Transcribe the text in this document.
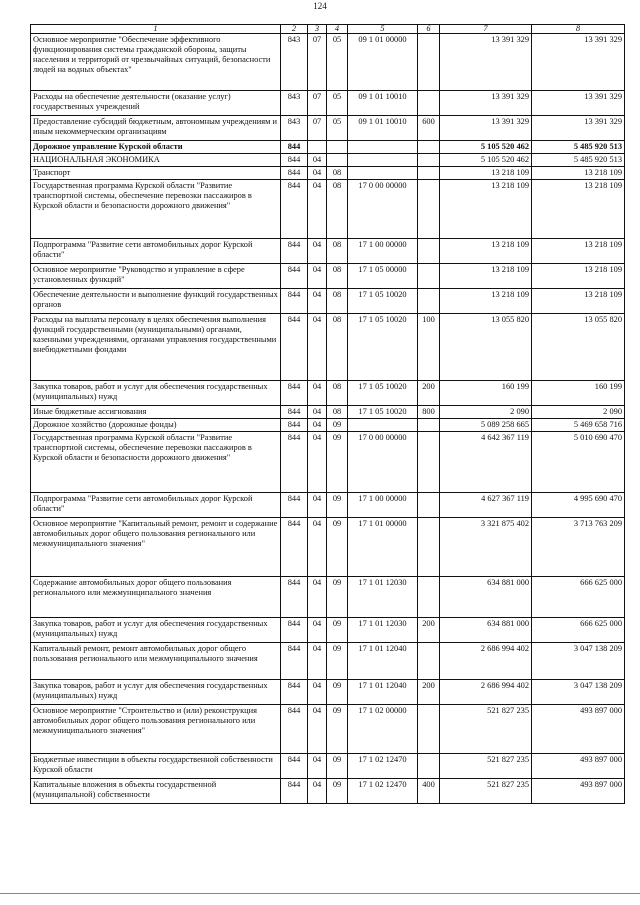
124
1	2	3	4	5	6	7	8
Основное мероприятие "Обеспечение эффективного функционирования системы гражданской обороны, защиты населения и территорий от чрезвычайных ситуаций, безопасности людей на водных объектах"	843	07	05	09 1 01 00000		13 391 329	13 391 329
Расходы на обеспечение деятельности (оказание услуг) государственных учреждений	843	07	05	09 1 01 10010		13 391 329	13 391 329
Предоставление субсидий бюджетным, автономным учреждениям и иным некоммерческим организациям	843	07	05	09 1 01 10010	600	13 391 329	13 391 329
Дорожное управление Курской области	844					5 105 520 462	5 485 920 513
НАЦИОНАЛЬНАЯ ЭКОНОМИКА	844	04				5 105 520 462	5 485 920 513
Транспорт	844	04	08			13 218 109	13 218 109
Государственная программа Курской области "Развитие транспортной системы, обеспечение перевозки пассажиров в Курской области и безопасности дорожного движения"	844	04	08	17 0 00 00000		13 218 109	13 218 109
Подпрограмма "Развитие сети автомобильных дорог Курской области"	844	04	08	17 1 00 00000		13 218 109	13 218 109
Основное мероприятие "Руководство и управление в сфере установленных функций"	844	04	08	17 1 05 00000		13 218 109	13 218 109
Обеспечение деятельности и выполнение функций государственных органов	844	04	08	17 1 05 10020		13 218 109	13 218 109
Расходы на выплаты персоналу в целях обеспечения выполнения функций государственными (муниципальными) органами, казенными учреждениями, органами управления государственными внебюджетными фондами	844	04	08	17 1 05 10020	100	13 055 820	13 055 820
Закупка товаров, работ и услуг для обеспечения государственных (муниципальных) нужд	844	04	08	17 1 05 10020	200	160 199	160 199
Иные бюджетные ассигнования	844	04	08	17 1 05 10020	800	2 090	2 090
Дорожное хозяйство (дорожные фонды)	844	04	09			5 089 258 665	5 469 658 716
Государственная программа Курской области "Развитие транспортной системы, обеспечение перевозки пассажиров в Курской области и безопасности дорожного движения"	844	04	09	17 0 00 00000		4 642 367 119	5 010 690 470
Подпрограмма "Развитие сети автомобильных дорог Курской области"	844	04	09	17 1 00 00000		4 627 367 119	4 995 690 470
Основное мероприятие "Капитальный ремонт, ремонт и содержание автомобильных дорог общего пользования регионального или межмуниципального значения"	844	04	09	17 1 01 00000		3 321 875 402	3 713 763 209
Содержание автомобильных дорог общего пользования регионального или межмуниципального значения	844	04	09	17 1 01 12030		634 881 000	666 625 000
Закупка товаров, работ и услуг для обеспечения государственных (муниципальных) нужд	844	04	09	17 1 01 12030	200	634 881 000	666 625 000
Капитальный ремонт, ремонт автомобильных дорог общего пользования регионального или межмуниципального значения	844	04	09	17 1 01 12040		2 686 994 402	3 047 138 209
Закупка товаров, работ и услуг для обеспечения государственных (муниципальных) нужд	844	04	09	17 1 01 12040	200	2 686 994 402	3 047 138 209
Основное мероприятие "Строительство и (или) реконструкция автомобильных дорог общего пользования регионального или межмуниципального значения"	844	04	09	17 1 02 00000		521 827 235	493 897 000
Бюджетные инвестиции в объекты государственной собственности Курской области	844	04	09	17 1 02 12470		521 827 235	493 897 000
Капитальные вложения в объекты государственной (муниципальной) собственности	844	04	09	17 1 02 12470	400	521 827 235	493 897 000
